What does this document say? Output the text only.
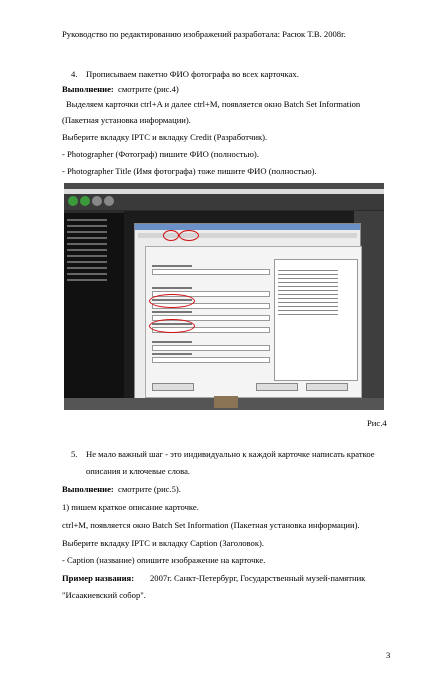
Руководство по редактированию изображений разработала: Расюк Т.В. 2008г.
4. Прописываем пакетно ФИО фотографа во всех карточках.
Выполнение: смотрите (рис.4)
Выделяем карточки ctrl+A и далее ctrl+M, появляется окно Batch Set Information
(Пакетная установка информации).
Выберите вкладку IPTC и вкладку Credit (Разработчик).
- Photographer (Фотограф) пишите ФИО (полностью).
- Photographer Title (Имя фотографа) тоже пишите ФИО (полностью).
Рис.4
5. Не мало важный шаг - это индивидуально к каждой карточке написать краткое
описания и ключевые слова.
Выполнение: смотрите (рис.5).
1) пишем краткое описание карточке.
ctrl+M, появляется окно Batch Set Information (Пакетная установка информации).
Выберите вкладку IPTC и вкладку Caption (Заголовок).
- Caption (название) опишите изображение на карточке.
Пример названия: 2007г. Санкт-Петербург, Государственный музей-памятник
"Исаакиевский собор".
3
